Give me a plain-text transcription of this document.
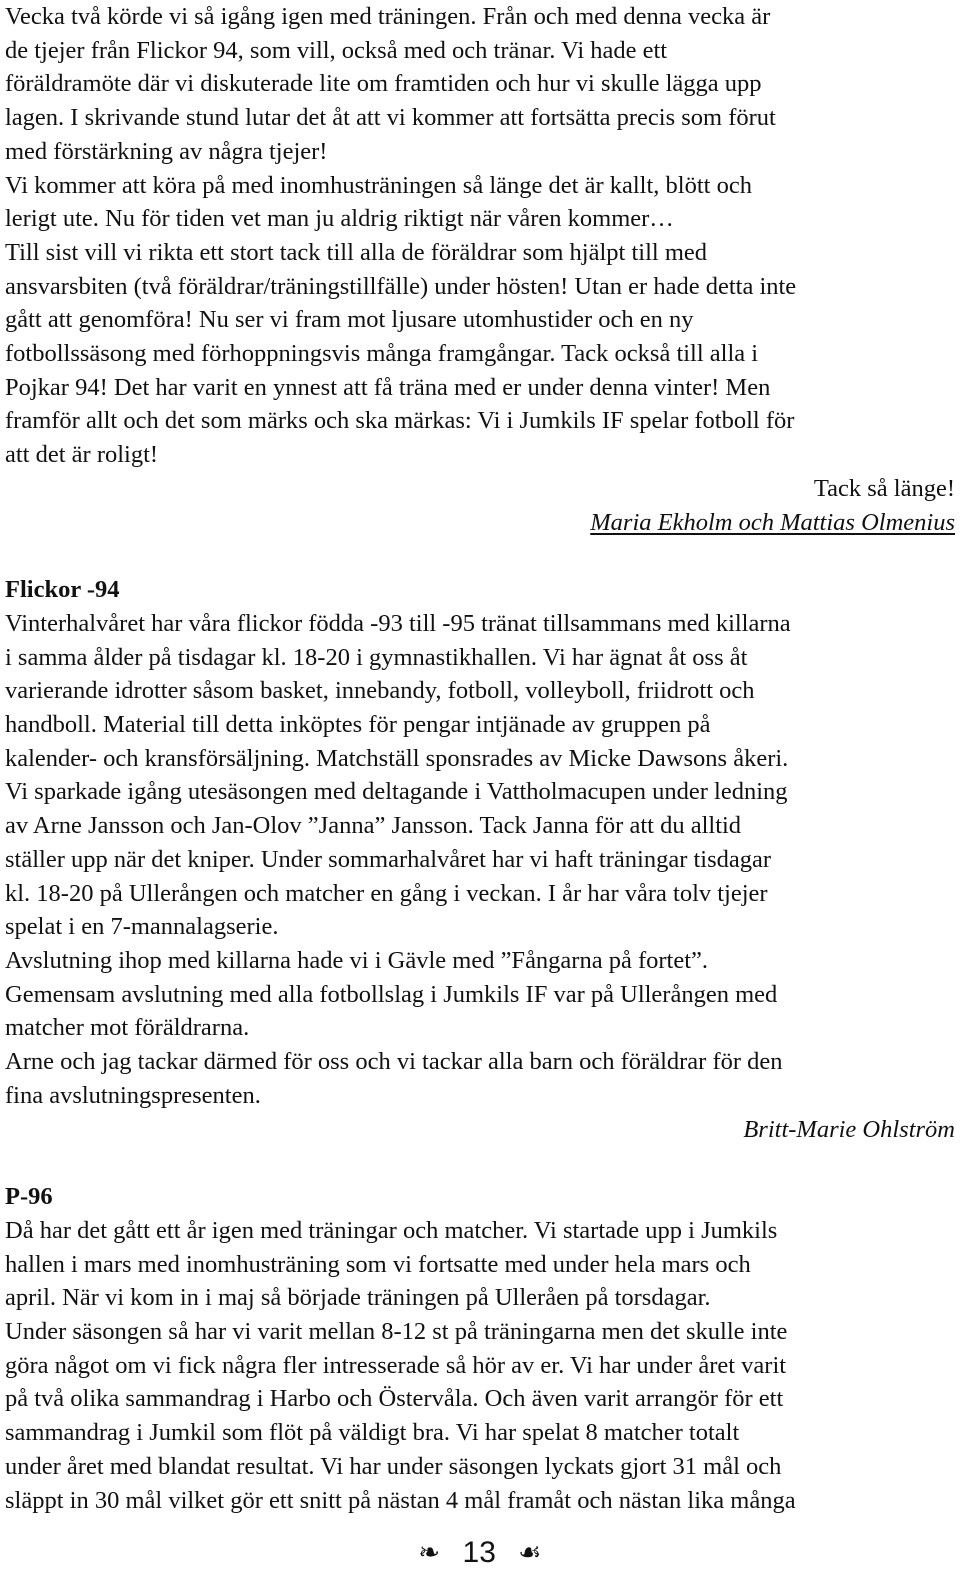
Vecka två körde vi så igång igen med träningen. Från och med denna vecka är
de tjejer från Flickor 94, som vill, också med och tränar. Vi hade ett
föräldramöte där vi diskuterade lite om framtiden och hur vi skulle lägga upp
lagen. I skrivande stund lutar det åt att vi kommer att fortsätta precis som förut
med förstärkning av några tjejer!
Vi kommer att köra på med inomhusträningen så länge det är kallt, blött och
lerigt ute. Nu för tiden vet man ju aldrig riktigt när våren kommer…
Till sist vill vi rikta ett stort tack till alla de föräldrar som hjälpt till med
ansvarsbiten (två föräldrar/träningstillfälle) under hösten! Utan er hade detta inte
gått att genomföra! Nu ser vi fram mot ljusare utomhustider och en ny
fotbollssäsong med förhoppningsvis många framgångar. Tack också till alla i
Pojkar 94! Det har varit en ynnest att få träna med er under denna vinter! Men
framför allt och det som märks och ska märkas: Vi i Jumkils IF spelar fotboll för
att det är roligt!
Tack så länge!
Maria Ekholm och Mattias Olmenius
Flickor -94
Vinterhalvåret har våra flickor födda -93 till -95 tränat tillsammans med killarna
i samma ålder på tisdagar kl. 18-20 i gymnastikhallen. Vi har ägnat åt oss åt
varierande idrotter såsom basket, innebandy, fotboll, volleyboll, friidrott och
handboll. Material till detta inköptes för pengar intjänade av gruppen på
kalender- och kransförsäljning. Matchställ sponsrades av Micke Dawsons åkeri.
Vi sparkade igång utesäsongen med deltagande i Vattholmacupen under ledning
av Arne Jansson och Jan-Olov ”Janna” Jansson. Tack Janna för att du alltid
ställer upp när det kniper. Under sommarhalvåret har vi haft träningar tisdagar
kl. 18-20 på Ullerången och matcher en gång i veckan. I år har våra tolv tjejer
spelat i en 7-mannalagserie.
Avslutning ihop med killarna hade vi i Gävle med ”Fångarna på fortet”.
Gemensam avslutning med alla fotbollslag i Jumkils IF var på Ullerången med
matcher mot föräldrarna.
Arne och jag tackar därmed för oss och vi tackar alla barn och föräldrar för den
fina avslutningspresenten.
Britt-Marie Ohlström
P-96
Då har det gått ett år igen med träningar och matcher. Vi startade upp i Jumkils
hallen i mars med inomhusträning som vi fortsatte med under hela mars och
april. När vi kom in i maj så började träningen på Ulleråen på torsdagar.
Under säsongen så har vi varit mellan 8-12 st på träningarna men det skulle inte
göra något om vi fick några fler intresserade så hör av er. Vi har under året varit
på två olika sammandrag i Harbo och Östervåla. Och även varit arrangör för ett
sammandrag i Jumkil som flöt på väldigt bra. Vi har spelat 8 matcher totalt
under året med blandat resultat. Vi har under säsongen lyckats gjort 31 mål och
släppt in 30 mål vilket gör ett snitt på nästan 4 mål framåt och nästan lika många
❧ 13 ☙
